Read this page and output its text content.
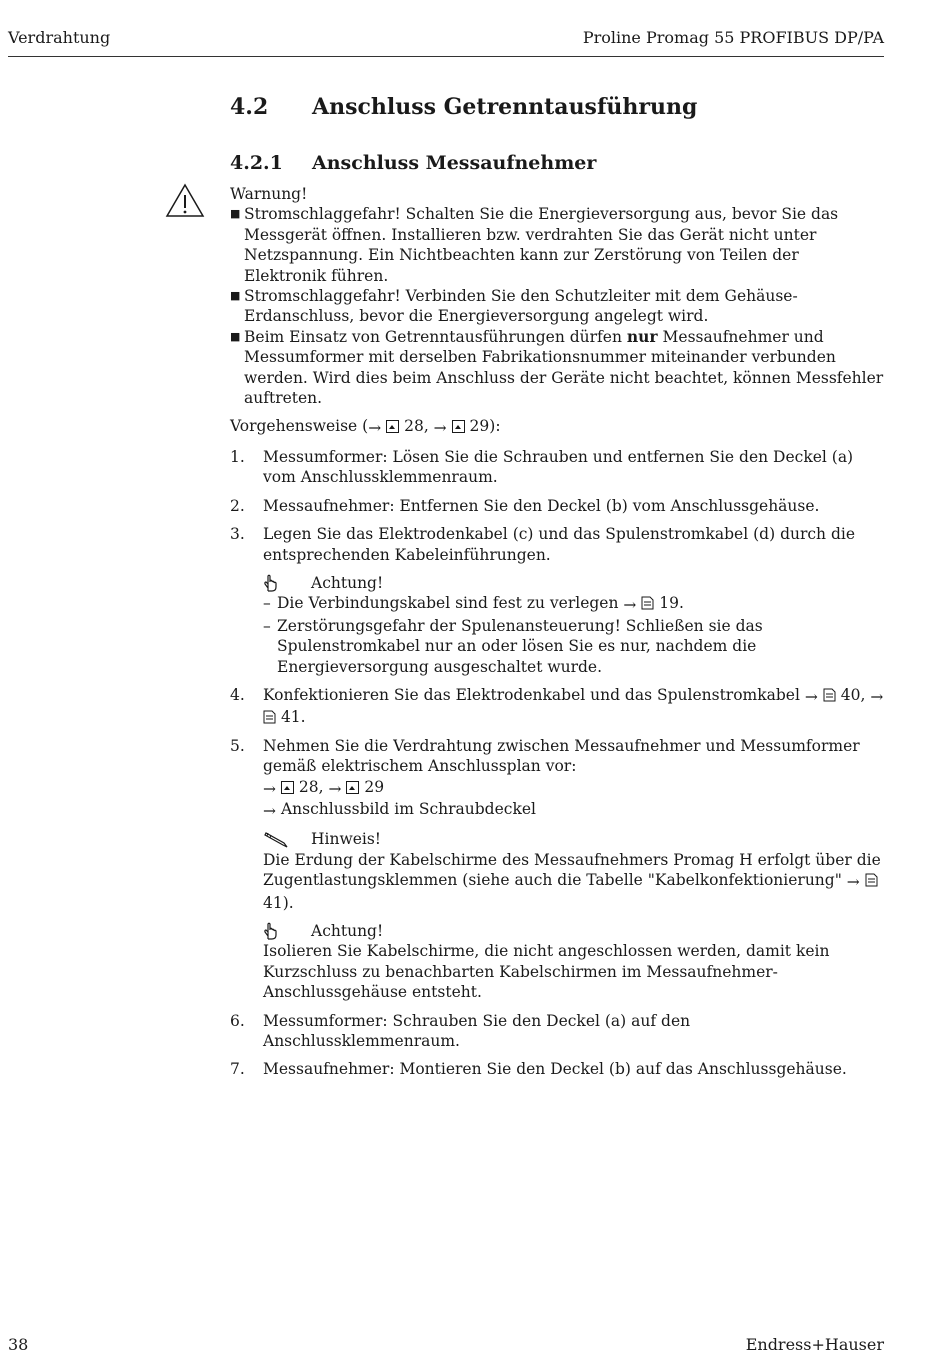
Verdrahtung	Proline Promag 55 PROFIBUS DP/PA
4.2	Anschluss Getrenntausführung
4.2.1	Anschluss Messaufnehmer
Warnung!
■ Stromschlaggefahr! Schalten Sie die Energieversorgung aus, bevor Sie das Messgerät öffnen. Installieren bzw. verdrahten Sie das Gerät nicht unter Netzspannung. Ein Nichtbeachten kann zur Zerstörung von Teilen der Elektronik führen.
■ Stromschlaggefahr! Verbinden Sie den Schutzleiter mit dem Gehäuse-Erdanschluss, bevor die Energieversorgung angelegt wird.
■ Beim Einsatz von Getrenntausführungen dürfen nur Messaufnehmer und Messumformer mit derselben Fabrikationsnummer miteinander verbunden werden. Wird dies beim Anschluss der Geräte nicht beachtet, können Messfehler auftreten.
Vorgehensweise (→ 28, → 29):
1.	Messumformer: Lösen Sie die Schrauben und entfernen Sie den Deckel (a) vom Anschlussklemmenraum.
2.	Messaufnehmer: Entfernen Sie den Deckel (b) vom Anschlussgehäuse.
3.	Legen Sie das Elektrodenkabel (c) und das Spulenstromkabel (d) durch die entsprechenden Kabeleinführungen.
Achtung!
– Die Verbindungskabel sind fest zu verlegen → 19.
– Zerstörungsgefahr der Spulenansteuerung! Schließen sie das Spulenstromkabel nur an oder lösen Sie es nur, nachdem die Energieversorgung ausgeschaltet wurde.
4.	Konfektionieren Sie das Elektrodenkabel und das Spulenstromkabel → 40, →  41.
5.	Nehmen Sie die Verdrahtung zwischen Messaufnehmer und Messumformer gemäß elektrischem Anschlussplan vor:
→ 28, → 29
→ Anschlussbild im Schraubdeckel
Hinweis!
Die Erdung der Kabelschirme des Messaufnehmers Promag H erfolgt über die Zugentlastungsklemmen (siehe auch die Tabelle "Kabelkonfektionierung" →  41).
Achtung!
Isolieren Sie Kabelschirme, die nicht angeschlossen werden, damit kein Kurzschluss zu benachbarten Kabelschirmen im Messaufnehmer-Anschlussgehäuse entsteht.
6.	Messumformer: Schrauben Sie den Deckel (a) auf den Anschlussklemmenraum.
7.	Messaufnehmer: Montieren Sie den Deckel (b) auf das Anschlussgehäuse.
38	Endress+Hauser
